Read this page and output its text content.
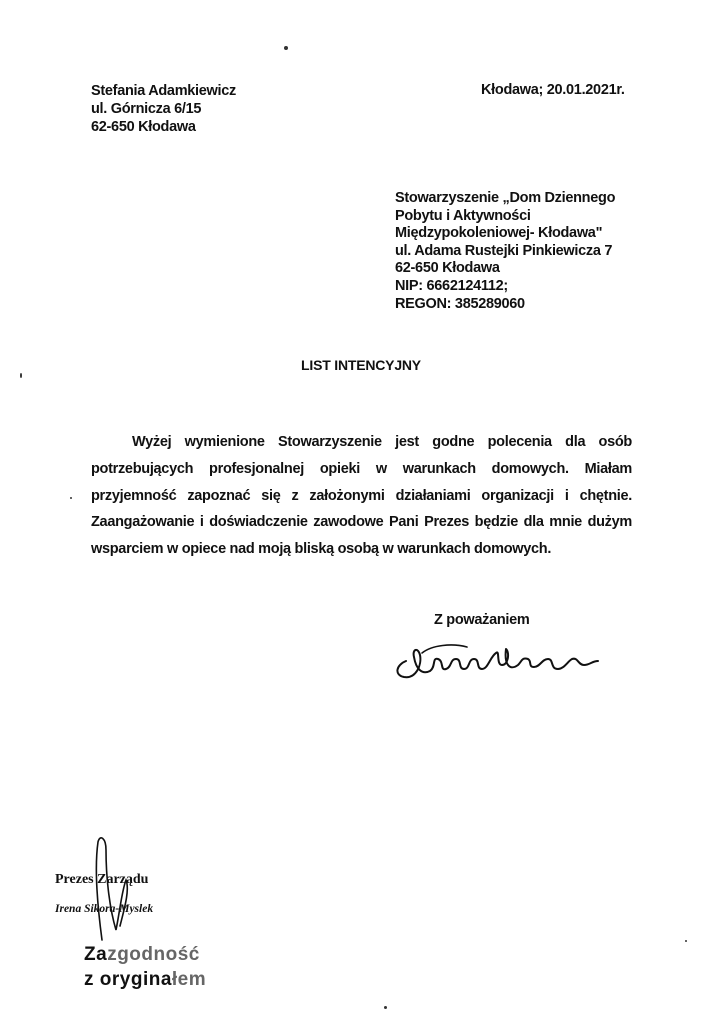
Stefania Adamkiewicz
ul. Górnicza 6/15
62-650 Kłodawa
Kłodawa; 20.01.2021r.
Stowarzyszenie „Dom Dziennego
Pobytu i Aktywności
Międzypokoleniowej- Kłodawa"
ul. Adama Rustejki Pinkiewicza 7
62-650 Kłodawa
NIP: 6662124112;
REGON: 385289060
LIST INTENCYJNY
Wyżej wymienione Stowarzyszenie jest godne polecenia dla osób potrzebujących profesjonalnej opieki w warunkach domowych. Miałam przyjemność zapoznać się z założonymi działaniami organizacji i chętnie. Zaangażowanie i doświadczenie zawodowe Pani Prezes będzie dla mnie dużym wsparciem w opiece nad moją bliską osobą w warunkach domowych.
Z poważaniem
Prezes Zarządu
Irena Sikora-Myslek
Zazgodność
z oryginałem
